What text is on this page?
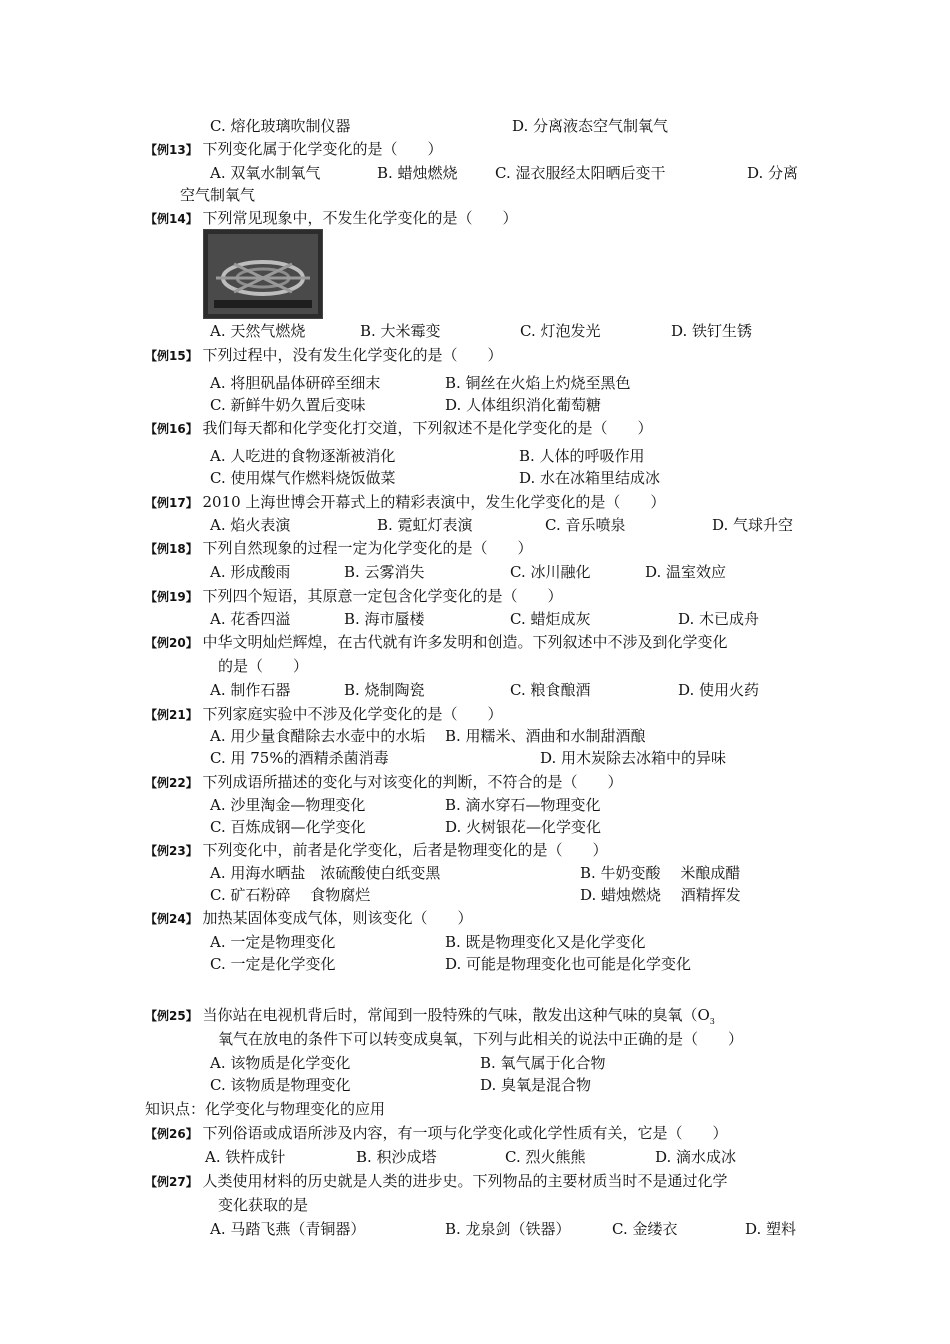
C. 熔化玻璃吹制仪器	D. 分离液态空气制氧气
【例13】 下列变化属于化学变化的是（　　）
A. 双氧水制氧气	B. 蜡烛燃烧 C. 湿衣服经太阳晒后变干	D. 分离
空气制氧气
【例14】 下列常见现象中，不发生化学变化的是（　　）
A. 天然气燃烧	B. 大米霉变	C. 灯泡发光	D. 铁钉生锈
【例15】 下列过程中，没有发生化学变化的是（　　）
A. 将胆矾晶体研碎至细末	B. 铜丝在火焰上灼烧至黑色
C. 新鲜牛奶久置后变味	D. 人体组织消化葡萄糖
【例16】 我们每天都和化学变化打交道，下列叙述不是化学变化的是（　　）
A. 人吃进的食物逐渐被消化	B. 人体的呼吸作用
C. 使用煤气作燃料烧饭做菜	D. 水在冰箱里结成冰
【例17】 2010 上海世博会开幕式上的精彩表演中，发生化学变化的是（　　）
A. 焰火表演	B. 霓虹灯表演	C. 音乐喷泉	D. 气球升空
【例18】 下列自然现象的过程一定为化学变化的是（　　）
A. 形成酸雨	B. 云雾消失	C. 冰川融化	D. 温室效应
【例19】 下列四个短语，其原意一定包含化学变化的是（　　）
A. 花香四溢	B. 海市蜃楼	C. 蜡炬成灰	D. 木已成舟
【例20】 中华文明灿烂辉煌，在古代就有许多发明和创造。下列叙述中不涉及到化学变化
的是（　　）
A. 制作石器	B. 烧制陶瓷	C. 粮食酿酒	D. 使用火药
【例21】 下列家庭实验中不涉及化学变化的是（　　）
A. 用少量食醋除去水壶中的水垢 B. 用糯米、酒曲和水制甜酒酿
C. 用 75%的酒精杀菌消毒	D. 用木炭除去冰箱中的异味
【例22】 下列成语所描述的变化与对该变化的判断，不符合的是（　　）
A. 沙里淘金—物理变化	B. 滴水穿石—物理变化
C. 百炼成钢—化学变化	D. 火树银花—化学变化
【例23】 下列变化中，前者是化学变化，后者是物理变化的是（　　）
A. 用海水晒盐　浓硫酸使白纸变黑	B. 牛奶变酸　 米酿成醋
C. 矿石粉碎　 食物腐烂	D. 蜡烛燃烧　 酒精挥发
【例24】 加热某固体变成气体，则该变化（　　）
A. 一定是物理变化	B. 既是物理变化又是化学变化
C. 一定是化学变化	D. 可能是物理变化也可能是化学变化
【例25】 当你站在电视机背后时，常闻到一股特殊的气味，散发出这种气味的臭氧（$O_3$
氧气在放电的条件下可以转变成臭氧，下列与此相关的说法中正确的是（　　）
A. 该物质是化学变化	B. 氧气属于化合物
C. 该物质是物理变化	D. 臭氧是混合物
知识点：化学变化与物理变化的应用
【例26】 下列俗语或成语所涉及内容，有一项与化学变化或化学性质有关，它是（　　）
A. 铁杵成针	B. 积沙成塔	C. 烈火熊熊	D. 滴水成冰
【例27】 人类使用材料的历史就是人类的进步史。下列物品的主要材质当时不是通过化学
变化获取的是
A. 马踏飞燕（青铜器）	B. 龙泉剑（铁器）	C. 金缕衣	D. 塑料
